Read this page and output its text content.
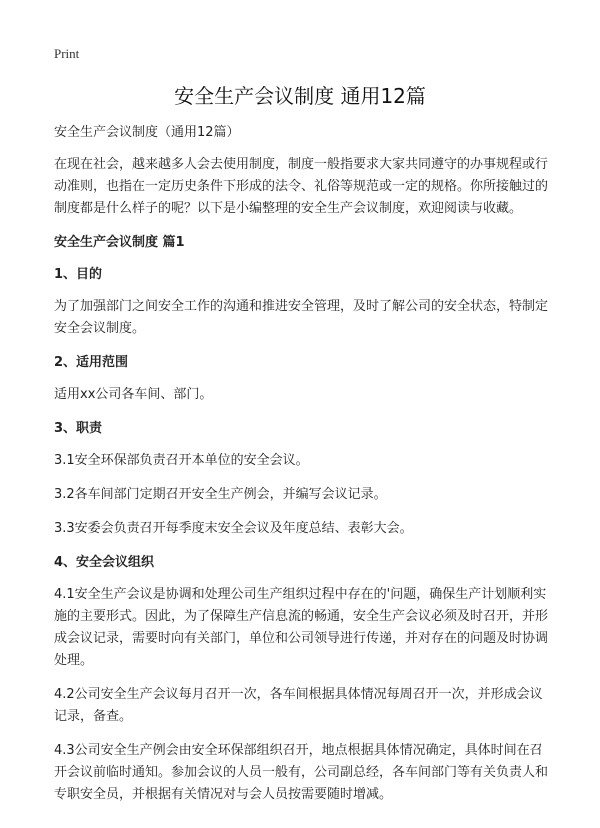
Print
安全生产会议制度 通用12篇

安全生产会议制度（通用12篇）

在现在社会，越来越多人会去使用制度，制度一般指要求大家共同遵守的办事规程或行动准则，也指在一定历史条件下形成的法令、礼俗等规范或一定的规格。你所接触过的制度都是什么样子的呢？以下是小编整理的安全生产会议制度，欢迎阅读与收藏。

安全生产会议制度 篇1

1、目的

为了加强部门之间安全工作的沟通和推进安全管理，及时了解公司的安全状态，特制定安全会议制度。

2、适用范围

适用xx公司各车间、部门。

3、职责

3.1安全环保部负责召开本单位的安全会议。

3.2各车间部门定期召开安全生产例会，并编写会议记录。

3.3安委会负责召开每季度末安全会议及年度总结、表彰大会。

4、安全会议组织

4.1安全生产会议是协调和处理公司生产组织过程中存在的'问题，确保生产计划顺利实施的主要形式。因此，为了保障生产信息流的畅通，安全生产会议必须及时召开，并形成会议记录，需要时向有关部门，单位和公司领导进行传递，并对存在的问题及时协调处理。

4.2公司安全生产会议每月召开一次，各车间根据具体情况每周召开一次，并形成会议记录，备查。

4.3公司安全生产例会由安全环保部组织召开，地点根据具体情况确定，具体时间在召开会议前临时通知。参加会议的人员一般有，公司副总经，各车间部门等有关负责人和专职安全员，并根据有关情况对与会人员按需要随时增减。
